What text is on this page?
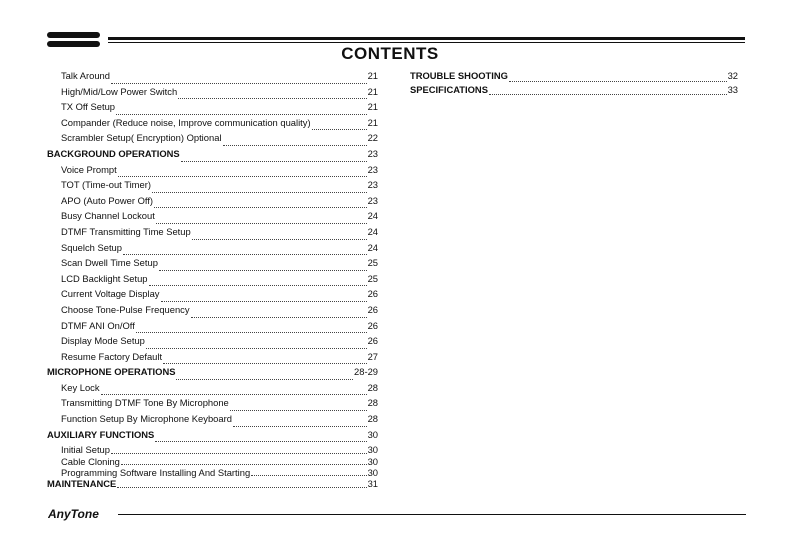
CONTENTS
Talk Around	21
High/Mid/Low Power Switch	21
TX Off Setup	21
Compander (Reduce noise, Improve communication quality)	21
Scrambler Setup( Encryption) Optional	22
BACKGROUND OPERATIONS	23
Voice Prompt	23
TOT (Time-out Timer)	23
APO (Auto Power Off)	23
Busy Channel Lockout	24
DTMF Transmitting Time Setup	24
Squelch Setup	24
Scan Dwell Time Setup	25
LCD Backlight Setup	25
Current Voltage Display	26
Choose Tone-Pulse Frequency	26
DTMF ANI On/Off	26
Display Mode Setup	26
Resume Factory Default	27
MICROPHONE OPERATIONS	28-29
Key Lock	28
Transmitting DTMF Tone By Microphone	28
Function Setup By Microphone Keyboard	28
AUXILIARY FUNCTIONS	30
Initial Setup	30
Cable Cloning	30
Programming Software Installing And Starting	30
MAINTENANCE	31
TROUBLE SHOOTING	32
SPECIFICATIONS	33
AnyTone
